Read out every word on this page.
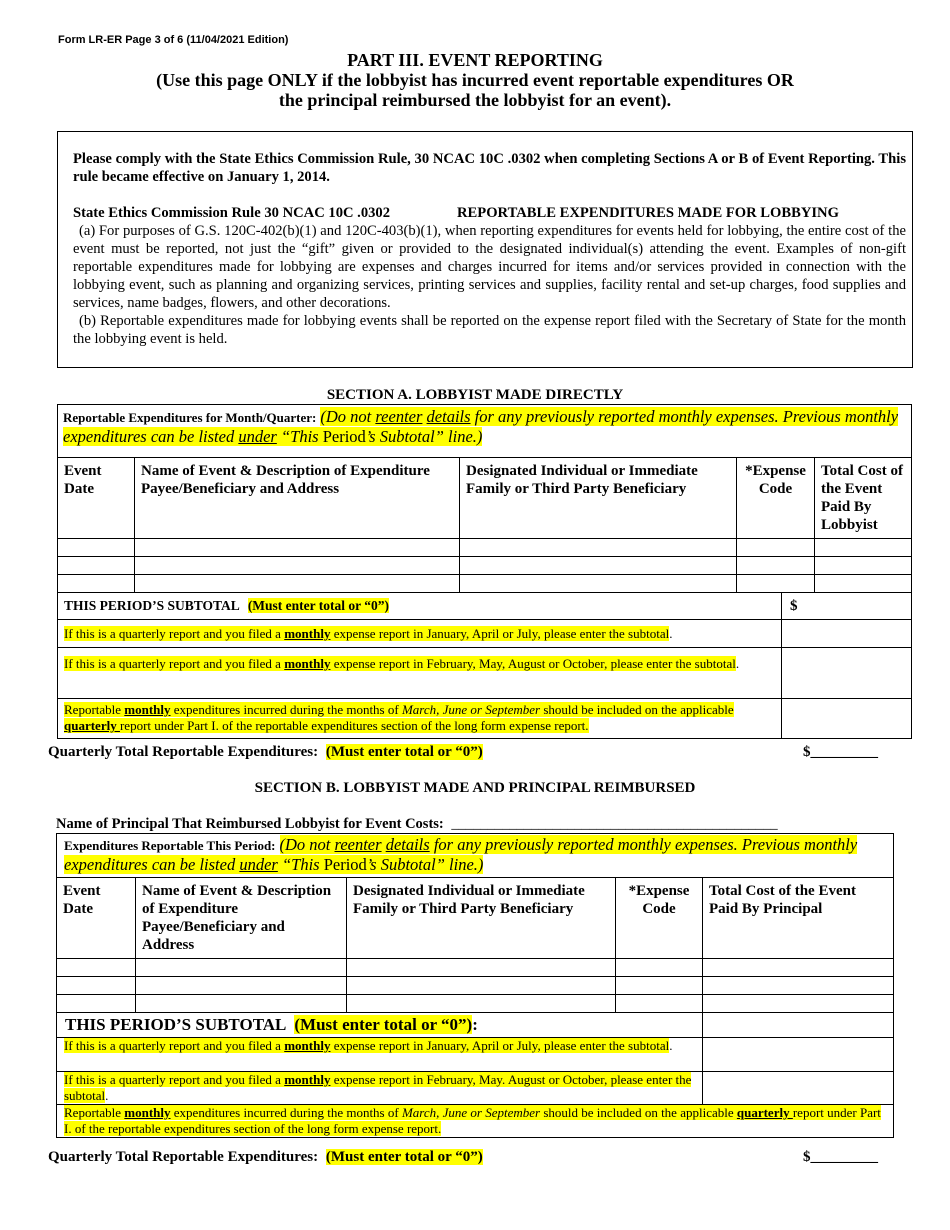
Form LR-ER Page 3 of 6 (11/04/2021 Edition)
PART III. EVENT REPORTING
(Use this page ONLY if the lobbyist has incurred event reportable expenditures OR
the principal reimbursed the lobbyist for an event).
Please comply with the State Ethics Commission Rule, 30 NCAC 10C .0302 when completing Sections A or B of Event Reporting. This rule became effective on January 1, 2014.
State Ethics Commission Rule 30 NCAC 10C .0302	REPORTABLE EXPENDITURES MADE FOR LOBBYING
(a) For purposes of G.S. 120C-402(b)(1) and 120C-403(b)(1), when reporting expenditures for events held for lobbying, the entire cost of the event must be reported, not just the “gift” given or provided to the designated individual(s) attending the event. Examples of non-gift reportable expenditures made for lobbying are expenses and charges incurred for items and/or services provided in connection with the lobbying event, such as planning and organizing services, printing services and supplies, facility rental and set-up charges, food supplies and services, name badges, flowers, and other decorations.
(b) Reportable expenditures made for lobbying events shall be reported on the expense report filed with the Secretary of State for the month the lobbying event is held.
SECTION A. LOBBYIST MADE DIRECTLY
Reportable Expenditures for Month/Quarter: (Do not reenter details for any previously reported monthly expenses. Previous monthly expenditures can be listed under “This Period’s Subtotal” line.)					
Event Date	Name of Event & Description of Expenditure Payee/Beneficiary and Address	Designated Individual or Immediate Family or Third Party Beneficiary	*Expense Code		Total Cost of the Event Paid By Lobbyist

THIS PERIOD’S SUBTOTAL (Must enter total or “0”)				$	
If this is a quarterly report and you filed a monthly expense report in January, April or July, please enter the subtotal.					
If this is a quarterly report and you filed a monthly expense report in February, May, August or October, please enter the subtotal.					
Reportable monthly expenditures incurred during the months of March, June or September should be included on the applicable quarterly report under Part I. of the reportable expenditures section of the long form expense report.					
Quarterly Total Reportable Expenditures: (Must enter total or “0”)	$_________
SECTION B. LOBBYIST MADE AND PRINCIPAL REIMBURSED
Name of Principal That Reimbursed Lobbyist for Event Costs: _____________________________________________
Expenditures Reportable This Period: (Do not reenter details for any previously reported monthly expenses. Previous monthly expenditures can be listed under “This Period’s Subtotal” line.)				
Event Date	Name of Event & Description of Expenditure Payee/Beneficiary and Address	Designated Individual or Immediate Family or Third Party Beneficiary	*Expense Code	Total Cost of the Event Paid By Principal

THIS PERIOD’S SUBTOTAL (Must enter total or “0”):				
If this is a quarterly report and you filed a monthly expense report in January, April or July, please enter the subtotal.				
If this is a quarterly report and you filed a monthly expense report in February, May. August or October, please enter the subtotal.				
Reportable monthly expenditures incurred during the months of March, June or September should be included on the applicable quarterly report under Part I. of the reportable expenditures section of the long form expense report.				
Quarterly Total Reportable Expenditures: (Must enter total or “0”)	$_________
